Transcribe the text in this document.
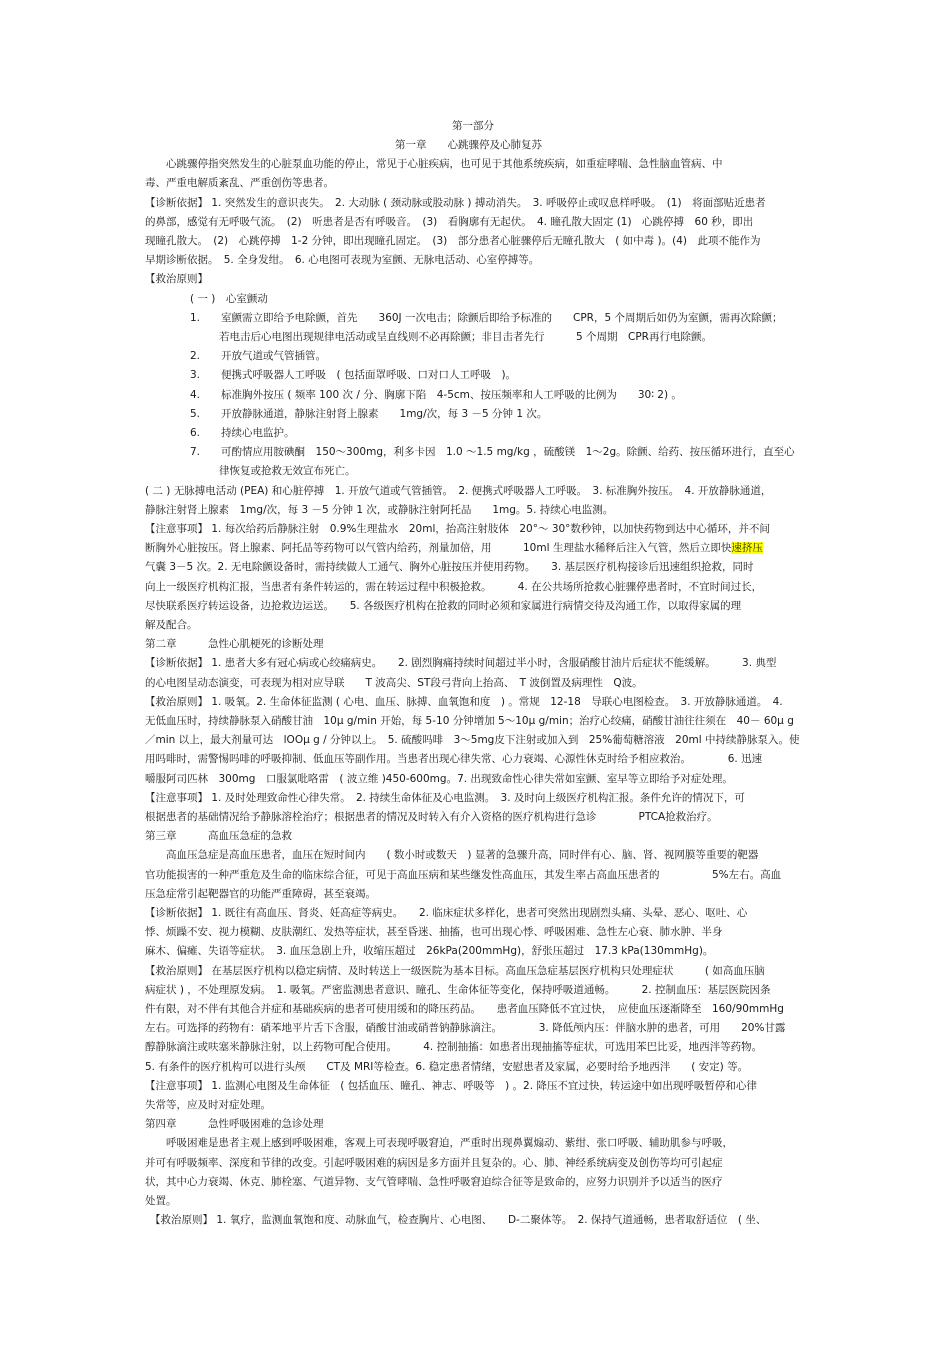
第一部分
第一章　　心跳骤停及心肺复苏
心跳骤停指突然发生的心脏泵血功能的停止，常见于心脏疾病，也可见于其他系统疾病，如重症哮喘、急性脑血管病、中
毒、严重电解质紊乱、严重创伤等患者。
【诊断依据】 1. 突然发生的意识丧失。　2. 大动脉 ( 颈动脉或股动脉 ) 搏动消失。　3. 呼吸停止或叹息样呼吸。　(1)　将面部贴近患者
的鼻部，感觉有无呼吸气流。　(2)　听患者是否有呼吸音。　(3)　看胸廓有无起伏。　4. 瞳孔散大固定 (1)　心跳停搏　60 秒，即出
现瞳孔散大。　(2)　心跳停搏　1-2 分钟，即出现瞳孔固定。　(3)　部分患者心脏骤停后无瞳孔散大　( 如中毒 )。(4)　此项不能作为
早期诊断依据。　5. 全身发绀。　6. 心电图可表现为室颤、无脉电活动、心室停搏等。
【救治原则】
( 一 )　心室颤动
1.　　室颤需立即给予电除颤，首先　　360J 一次电击；除颤后即给予标准的　　CPR，5 个周期后如仍为室颤，需再次除颤；
若电击后心电图出现规律电活动或呈直线则不必再除颤；非目击者先行　　　5 个周期　CPR再行电除颤。
2.　　开放气道或气管插管。
3.　　便携式呼吸器人工呼吸　( 包括面罩呼吸、口对口人工呼吸　)。
4.　　标准胸外按压 ( 频率 100 次 / 分、胸廓下陷　4-5cm、按压频率和人工呼吸的比例为　　30∶ 2) 。
5.　　开放静脉通道，静脉注射肾上腺素　　1mg/次，每 3 －5 分钟 1 次。
6.　　持续心电监护。
7.　　可酌情应用胺碘酮　150～300mg，利多卡因　1.0 ～1.5 mg/kg ，硫酸镁　1～2g。除颤、给药、按压循环进行，直至心
律恢复或抢救无效宣布死亡。
( 二 ) 无脉搏电活动 (PEA) 和心脏停搏　1. 开放气道或气管插管。　2. 便携式呼吸器人工呼吸。　3. 标准胸外按压。　4. 开放静脉通道，
静脉注射肾上腺素　1mg/次，每 3 －5 分钟 1 次，或静脉注射阿托品　　1mg。5. 持续心电监测。
【注意事项】 1. 每次给药后静脉注射　0.9%生理盐水　20ml，抬高注射肢体　20°～ 30°数秒钟，以加快药物到达中心循环，并不间
断胸外心脏按压。肾上腺素、阿托品等药物可以气管内给药，剂量加倍，用　　　10ml 生理盐水稀释后注入气管，然后立即快速挤压
气囊 3－5 次。2. 无电除颤设备时，需持续做人工通气、胸外心脏按压并使用药物。　　3. 基层医疗机构接诊后迅速组织抢救，同时
向上一级医疗机构汇报，当患者有条件转运的，需在转运过程中积极抢救。　　　4. 在公共场所抢救心脏骤停患者时，不宜时间过长，
尽快联系医疗转运设备，边抢救边运送。　　5. 各级医疗机构在抢救的同时必须和家属进行病情交待及沟通工作，以取得家属的理
解及配合。
第二章　　　急性心肌梗死的诊断处理
【诊断依据】 1. 患者大多有冠心病或心绞痛病史。　　2. 剧烈胸痛持续时间超过半小时，含服硝酸甘油片后症状不能缓解。　　　3. 典型
的心电图呈动态演变，可表现为相对应导联　　T 波高尖、ST段弓背向上抬高、　T 波倒置及病理性　Q波。
【救治原则】 1. 吸氧。2. 生命体征监测 ( 心电、血压、脉搏、血氧饱和度　) 。常规　12-18　导联心电图检查。　3. 开放静脉通道。　4.
无低血压时，持续静脉泵入硝酸甘油　10μ g/min 开始，每 5-10 分钟增加 5～10μ g/min；治疗心绞痛，硝酸甘油往往须在　40－ 60μ g
／min 以上，最大剂量可达　lOOμ g / 分钟以上。　5. 硫酸吗啡　3～5mg皮下注射或加入到　25%葡萄糖溶液　20ml 中持续静脉泵入。使
用吗啡时，需警惕吗啡的呼吸抑制、低血压等副作用。当患者出现心律失常、心力衰竭、心源性休克时给予相应救治。　　　　6. 迅速
嚼服阿司匹林　300mg　口服氯吡咯雷　( 波立维 )450-600mg。7. 出现致命性心律失常如室颤、室早等立即给予对症处理。
【注意事项】 1. 及时处理致命性心律失常。　2. 持续生命体征及心电监测。　3. 及时向上级医疗机构汇报。条件允许的情况下，可
根据患者的基础情况给予静脉溶栓治疗；根据患者的情况及时转入有介入资格的医疗机构进行急诊　　　　PTCA抢救治疗。
第三章　　　高血压急症的急救
高血压急症是高血压患者，血压在短时间内　　( 数小时或数天　) 显著的急骤升高，同时伴有心、脑、肾、视网膜等重要的靶器
官功能损害的一种严重危及生命的临床综合征，可见于高血压病和某些继发性高血压，其发生率占高血压患者的　　　　　5%左右。高血
压急症常引起靶器官的功能严重障碍，甚至衰竭。
【诊断依据】 1. 既往有高血压、肾炎、妊高症等病史。　　2. 临床症状多样化，患者可突然出现剧烈头痛、头晕、恶心、呕吐、心
悸、烦躁不安、视力模糊、皮肤潮红、发热等症状，甚至昏迷、抽搐，也可出现心悸、呼吸困难、急性左心衰、肺水肿、半身
麻木、偏瘫、失语等症状。　3. 血压急剧上升，收缩压超过　26kPa(200mmHg)，舒张压超过　17.3 kPa(130mmHg)。
【救治原则】 在基层医疗机构以稳定病情、及时转送上一级医院为基本目标。高血压急症基层医疗机构只处理症状　　　( 如高血压脑
病症状 ) ，不处理原发病。　1. 吸氧。严密监测患者意识、瞳孔、生命体征等变化，保持呼吸道通畅。　　　2. 控制血压：基层医院因条
件有限，对不伴有其他合并症和基础疾病的患者可使用缓和的降压药品。　　患者血压降低不宜过快，　应使血压逐渐降至　160/90mmHg
左右。可选择的药物有：硝苯地平片舌下含服，硝酸甘油或硝普钠静脉滴注。　　　　3. 降低颅内压：伴脑水肿的患者，可用　　20%甘露
醇静脉滴注或呋塞米静脉注射，以上药物可配合使用。　　　4. 控制抽搐：如患者出现抽搐等症状，可选用苯巴比妥，地西泮等药物。
5. 有条件的医疗机构可以进行头颅　　CT及 MRI等检查。6. 稳定患者情绪，安慰患者及家属，必要时给予地西泮　　( 安定) 等。
【注意事项】 1. 监测心电图及生命体征　( 包括血压、瞳孔、神志、呼吸等　) 。2. 降压不宜过快，转运途中如出现呼吸暂停和心律
失常等，应及时对症处理。
第四章　　　急性呼吸困难的急诊处理
呼吸困难是患者主观上感到呼吸困难，客观上可表现呼吸窘迫，严重时出现鼻翼煽动、紫绀、张口呼吸、辅助肌参与呼吸，
并可有呼吸频率、深度和节律的改变。引起呼吸困难的病因是多方面并且复杂的。心、肺、神经系统病变及创伤等均可引起症
状，其中心力衰竭、休克、肺栓塞、气道异物、支气管哮喘、急性呼吸窘迫综合征等是致命的，应努力识别并予以适当的医疗
处置。
【救治原则】 1. 氧疗，监测血氧饱和度、动脉血气，检查胸片、心电图、　　D-二聚体等。　2. 保持气道通畅，患者取舒适位　( 坐、
